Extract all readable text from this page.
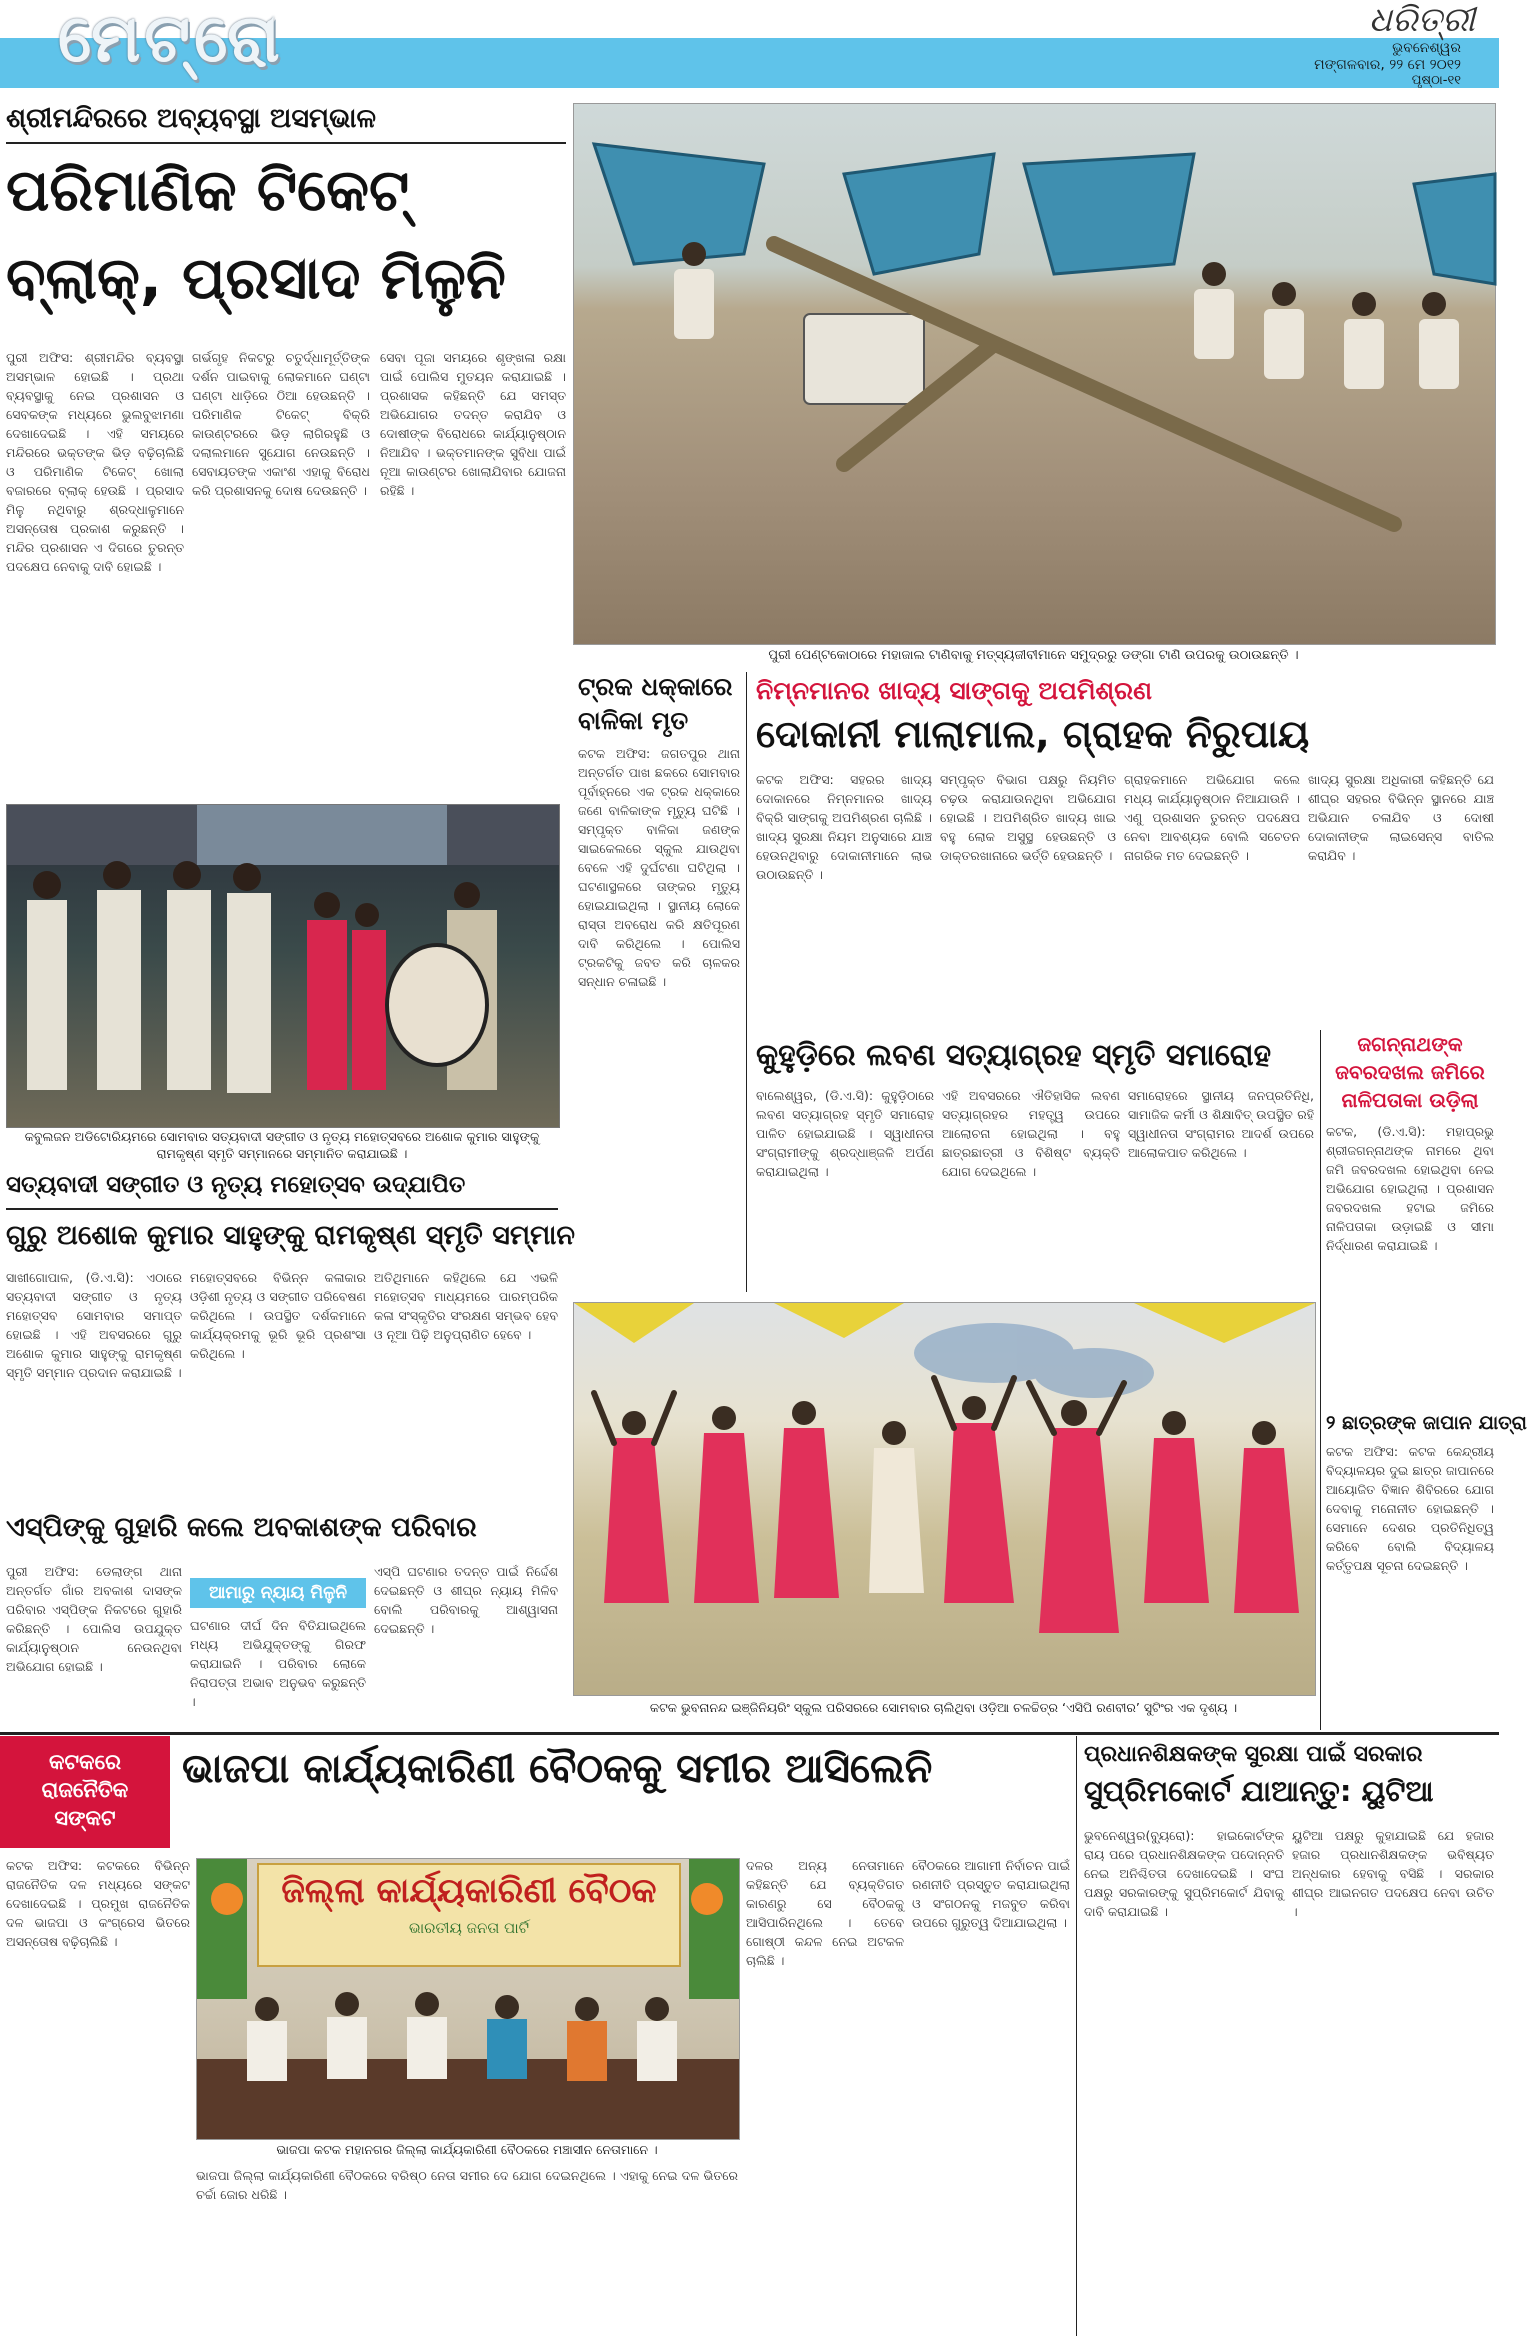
ମେଟ୍ରୋ	ଧରିତ୍ରୀ
ଭୁବନେଶ୍ୱର
ମଙ୍ଗଳବାର, ୨୨ ମେ ୨୦୧୨
ପୃଷ୍ଠା-୧୧
ଶ୍ରୀମନ୍ଦିରରେ ଅବ୍ୟବସ୍ଥା ଅସମ୍ଭାଳ
ପରିମାଣିକ ଟିକେଟ୍
ବ୍ଲାକ୍, ପ୍ରସାଦ ମିଳୁନି
ପୁରୀ ଅଫିସ: ଶ୍ରୀମନ୍ଦିର ବ୍ୟବସ୍ଥା ଅସମ୍ଭାଳ ହୋଇଛି । ପ୍ରଥା ବ୍ୟବସ୍ଥାକୁ ନେଇ ପ୍ରଶାସନ ଓ ସେବକଙ୍କ ମଧ୍ୟରେ ଭୁଲବୁଝାମଣା ଦେଖାଦେଇଛି । ଏହି ସମୟରେ ମନ୍ଦିରରେ ଭକ୍ତଙ୍କ ଭିଡ଼ ବଢ଼ିଚାଲିଛି ଓ ପରିମାଣିକ ଟିକେଟ୍ ଖୋଲା ବଜାରରେ ବ୍ଲାକ୍ ହେଉଛି । ପ୍ରସାଦ ମିଳୁ ନଥିବାରୁ ଶ୍ରଦ୍ଧାଳୁମାନେ ଅସନ୍ତୋଷ ପ୍ରକାଶ କରୁଛନ୍ତି । ମନ୍ଦିର ପ୍ରଶାସନ ଏ ଦିଗରେ ତୁରନ୍ତ ପଦକ୍ଷେପ ନେବାକୁ ଦାବି ହୋଇଛି ।
ଗର୍ଭଗୃହ ନିକଟରୁ ଚତୁର୍ଦ୍ଧାମୂର୍ତ୍ତିଙ୍କ ଦର୍ଶନ ପାଇବାକୁ ଲୋକମାନେ ଘଣ୍ଟା ଘଣ୍ଟା ଧାଡ଼ିରେ ଠିଆ ହେଉଛନ୍ତି । ପରିମାଣିକ ଟିକେଟ୍ ବିକ୍ରି କାଉଣ୍ଟରରେ ଭିଡ଼ ଲାଗିରହୁଛି ଓ ଦଲାଲମାନେ ସୁଯୋଗ ନେଉଛନ୍ତି । ସେବାୟତଙ୍କ ଏକାଂଶ ଏହାକୁ ବିରୋଧ କରି ପ୍ରଶାସନକୁ ଦୋଷ ଦେଉଛନ୍ତି ।
ସେବା ପୂଜା ସମୟରେ ଶୃଙ୍ଖଳା ରକ୍ଷା ପାଇଁ ପୋଲିସ ମୁତୟନ କରାଯାଇଛି । ପ୍ରଶାସକ କହିଛନ୍ତି ଯେ ସମସ୍ତ ଅଭିଯୋଗର ତଦନ୍ତ କରାଯିବ ଓ ଦୋଷୀଙ୍କ ବିରୋଧରେ କାର୍ଯ୍ୟାନୁଷ୍ଠାନ ନିଆଯିବ । ଭକ୍ତମାନଙ୍କ ସୁବିଧା ପାଇଁ ନୂଆ କାଉଣ୍ଟର ଖୋଲାଯିବାର ଯୋଜନା ରହିଛି ।
ପୁରୀ ପେଣ୍ଟକୋଠାରେ ମହାଜାଲ ଟାଣିବାକୁ ମତ୍ସ୍ୟଜୀବୀମାନେ ସମୁଦ୍ରରୁ ଡଙ୍ଗା ଟାଣି ଉପରକୁ ଉଠାଉଛନ୍ତି ।
କବୁଲଜନ ଅଡିଟୋରିୟମରେ ସୋମବାର ସତ୍ୟବାଦୀ ସଙ୍ଗୀତ ଓ ନୃତ୍ୟ ମହୋତ୍ସବରେ ଅଶୋକ କୁମାର ସାହୁଙ୍କୁ ରାମକୃଷ୍ଣ ସ୍ମୃତି ସମ୍ମାନରେ ସମ୍ମାନିତ କରାଯାଇଛି ।
ସତ୍ୟବାଦୀ ସଙ୍ଗୀତ ଓ ନୃତ୍ୟ ମହୋତ୍ସବ ଉଦ୍‌ଯାପିତ
ଗୁରୁ ଅଶୋକ କୁମାର ସାହୁଙ୍କୁ ରାମକୃଷ୍ଣ ସ୍ମୃତି ସମ୍ମାନ
ସାଖୀଗୋପାଳ, (ଡି.ଏ.ସି): ଏଠାରେ ସତ୍ୟବାଦୀ ସଙ୍ଗୀତ ଓ ନୃତ୍ୟ ମହୋତ୍ସବ ସୋମବାର ସମାପ୍ତ ହୋଇଛି । ଏହି ଅବସରରେ ଗୁରୁ ଅଶୋକ କୁମାର ସାହୁଙ୍କୁ ରାମକୃଷ୍ଣ ସ୍ମୃତି ସମ୍ମାନ ପ୍ରଦାନ କରାଯାଇଛି ।
ମହୋତ୍ସବରେ ବିଭିନ୍ନ କଳାକାର ଓଡ଼ିଶୀ ନୃତ୍ୟ ଓ ସଙ୍ଗୀତ ପରିବେଷଣ କରିଥିଲେ । ଉପସ୍ଥିତ ଦର୍ଶକମାନେ କାର୍ଯ୍ୟକ୍ରମକୁ ଭୂରି ଭୂରି ପ୍ରଶଂସା କରିଥିଲେ ।
ଅତିଥିମାନେ କହିଥିଲେ ଯେ ଏଭଳି ମହୋତ୍ସବ ମାଧ୍ୟମରେ ପାରମ୍ପରିକ କଳା ସଂସ୍କୃତିର ସଂରକ୍ଷଣ ସମ୍ଭବ ହେବ ଓ ନୂଆ ପିଢ଼ି ଅନୁପ୍ରାଣିତ ହେବେ ।
ଏସ୍‌ପିଙ୍କୁ ଗୁହାରି କଲେ ଅବକାଶଙ୍କ ପରିବାର
ପୁରୀ ଅଫିସ: ଡେଲାଙ୍ଗ ଥାନା ଅନ୍ତର୍ଗତ ଗାଁର ଅବକାଶ ଦାସଙ୍କ ପରିବାର ଏସ୍‌ପିଙ୍କ ନିକଟରେ ଗୁହାରି କରିଛନ୍ତି । ପୋଲିସ ଉପଯୁକ୍ତ କାର୍ଯ୍ୟାନୁଷ୍ଠାନ ନେଉନଥିବା ଅଭିଯୋଗ ହୋଇଛି ।
ଘଟଣାର ଦୀର୍ଘ ଦିନ ବିତିଯାଇଥିଲେ ମଧ୍ୟ ଅଭିଯୁକ୍ତଙ୍କୁ ଗିରଫ କରାଯାଇନି । ପରିବାର ଲୋକେ ନିରାପତ୍ତା ଅଭାବ ଅନୁଭବ କରୁଛନ୍ତି ।
ଆମାରୁ ନ୍ୟାୟ ମିଳୁନି
ଏସ୍‌ପି ଘଟଣାର ତଦନ୍ତ ପାଇଁ ନିର୍ଦ୍ଦେଶ ଦେଇଛନ୍ତି ଓ ଶୀଘ୍ର ନ୍ୟାୟ ମିଳିବ ବୋଲି ପରିବାରକୁ ଆଶ୍ୱାସନା ଦେଇଛନ୍ତି ।
ଟ୍ରକ ଧକ୍କାରେ
ବାଳିକା ମୃତ
କଟକ ଅଫିସ: ଜଗତପୁର ଥାନା ଅନ୍ତର୍ଗତ ପାଖ ଛକରେ ସୋମବାର ପୂର୍ବାହ୍ନରେ ଏକ ଟ୍ରକ ଧକ୍କାରେ ଜଣେ ବାଳିକାଙ୍କ ମୃତ୍ୟୁ ଘଟିଛି । ସମ୍ପୃକ୍ତ ବାଳିକା ଜଣଙ୍କ ସାଇକେଲରେ ସ୍କୁଲ ଯାଉଥିବା ବେଳେ ଏହି ଦୁର୍ଘଟଣା ଘଟିଥିଲା । ଘଟଣାସ୍ଥଳରେ ତାଙ୍କର ମୃତ୍ୟୁ ହୋଇଯାଇଥିଲା । ସ୍ଥାନୀୟ ଲୋକେ ରାସ୍ତା ଅବରୋଧ କରି କ୍ଷତିପୂରଣ ଦାବି କରିଥିଲେ । ପୋଲିସ ଟ୍ରକଟିକୁ ଜବତ କରି ଚାଳକର ସନ୍ଧାନ ଚଳାଇଛି ।
ନିମ୍ନମାନର ଖାଦ୍ୟ ସାଙ୍ଗକୁ ଅପମିଶ୍ରଣ
ଦୋକାନୀ ମାଲାମାଲ, ଗ୍ରାହକ ନିରୁପାୟ
କଟକ ଅଫିସ: ସହରର ଖାଦ୍ୟ ଦୋକାନରେ ନିମ୍ନମାନର ଖାଦ୍ୟ ବିକ୍ରି ସାଙ୍ଗକୁ ଅପମିଶ୍ରଣ ଚାଲିଛି । ଖାଦ୍ୟ ସୁରକ୍ଷା ନିୟମ ଅନୁସାରେ ଯାଞ୍ଚ ହେଉନଥିବାରୁ ଦୋକାନୀମାନେ ଲାଭ ଉଠାଉଛନ୍ତି ।
ସମ୍ପୃକ୍ତ ବିଭାଗ ପକ୍ଷରୁ ନିୟମିତ ଚଢ଼ଉ କରାଯାଉନଥିବା ଅଭିଯୋଗ ହୋଇଛି । ଅପମିଶ୍ରିତ ଖାଦ୍ୟ ଖାଇ ବହୁ ଲୋକ ଅସୁସ୍ଥ ହେଉଛନ୍ତି ଓ ଡାକ୍ତରଖାନାରେ ଭର୍ତ୍ତି ହେଉଛନ୍ତି ।
ଗ୍ରାହକମାନେ ଅଭିଯୋଗ କଲେ ମଧ୍ୟ କାର୍ଯ୍ୟାନୁଷ୍ଠାନ ନିଆଯାଉନି । ଏଣୁ ପ୍ରଶାସନ ତୁରନ୍ତ ପଦକ୍ଷେପ ନେବା ଆବଶ୍ୟକ ବୋଲି ସଚେତନ ନାଗରିକ ମତ ଦେଇଛନ୍ତି ।
ଖାଦ୍ୟ ସୁରକ୍ଷା ଅଧିକାରୀ କହିଛନ୍ତି ଯେ ଶୀଘ୍ର ସହରର ବିଭିନ୍ନ ସ୍ଥାନରେ ଯାଞ୍ଚ ଅଭିଯାନ ଚଳାଯିବ ଓ ଦୋଷୀ ଦୋକାନୀଙ୍କ ଲାଇସେନ୍ସ ବାତିଲ କରାଯିବ ।
କୁହୁଡ଼ିରେ ଲବଣ ସତ୍ୟାଗ୍ରହ ସ୍ମୃତି ସମାରୋହ
ବାଲେଶ୍ୱର, (ଡି.ଏ.ସି): କୁହୁଡ଼ିଠାରେ ଲବଣ ସତ୍ୟାଗ୍ରହ ସ୍ମୃତି ସମାରୋହ ପାଳିତ ହୋଇଯାଇଛି । ସ୍ୱାଧୀନତା ସଂଗ୍ରାମୀଙ୍କୁ ଶ୍ରଦ୍ଧାଞ୍ଜଳି ଅର୍ପଣ କରାଯାଇଥିଲା ।
ଏହି ଅବସରରେ ଐତିହାସିକ ଲବଣ ସତ୍ୟାଗ୍ରହର ମହତ୍ତ୍ୱ ଉପରେ ଆଲୋଚନା ହୋଇଥିଲା । ବହୁ ଛାତ୍ରଛାତ୍ରୀ ଓ ବିଶିଷ୍ଟ ବ୍ୟକ୍ତି ଯୋଗ ଦେଇଥିଲେ ।
ସମାରୋହରେ ସ୍ଥାନୀୟ ଜନପ୍ରତିନିଧି, ସାମାଜିକ କର୍ମୀ ଓ ଶିକ୍ଷାବିତ୍ ଉପସ୍ଥିତ ରହି ସ୍ୱାଧୀନତା ସଂଗ୍ରାମର ଆଦର୍ଶ ଉପରେ ଆଲୋକପାତ କରିଥିଲେ ।
ଜଗନ୍ନାଥଙ୍କ
ଜବରଦଖଲ ଜମିରେ
ନାଳିପତାକା ଉଡ଼ିଲା
କଟକ, (ଡି.ଏ.ସି): ମହାପ୍ରଭୁ ଶ୍ରୀଜଗନ୍ନାଥଙ୍କ ନାମରେ ଥିବା ଜମି ଜବରଦଖଲ ହୋଇଥିବା ନେଇ ଅଭିଯୋଗ ହୋଇଥିଲା । ପ୍ରଶାସନ ଜବରଦଖଲ ହଟାଇ ଜମିରେ ନାଳିପତାକା ଉଡ଼ାଇଛି ଓ ସୀମା ନିର୍ଦ୍ଧାରଣ କରାଯାଇଛି ।
୨ ଛାତ୍ରଙ୍କ ଜାପାନ ଯାତ୍ରା
କଟକ ଅଫିସ: କଟକ କେନ୍ଦ୍ରୀୟ ବିଦ୍ୟାଳୟର ଦୁଇ ଛାତ୍ର ଜାପାନରେ ଆୟୋଜିତ ବିଜ୍ଞାନ ଶିବିରରେ ଯୋଗ ଦେବାକୁ ମନୋନୀତ ହୋଇଛନ୍ତି । ସେମାନେ ଦେଶର ପ୍ରତିନିଧିତ୍ୱ କରିବେ ବୋଲି ବିଦ୍ୟାଳୟ କର୍ତ୍ତୃପକ୍ଷ ସୂଚନା ଦେଇଛନ୍ତି ।
କଟକ ଭୁବନାନନ୍ଦ ଇଞ୍ଜିନିୟରିଂ ସ୍କୁଲ ପରିସରରେ ସୋମବାର ଚାଲିଥିବା ଓଡ଼ିଆ ଚଳଚ୍ଚିତ୍ର ‘ଏସିପି ରଣବୀର’ ସୁଟିଂର ଏକ ଦୃଶ୍ୟ ।
କଟକରେ
ରାଜନୈତିକ
ସଙ୍କଟ
ଭାଜପା କାର୍ଯ୍ୟକାରିଣୀ ବୈଠକକୁ ସମୀର ଆସିଲେନି
ଜିଲ୍ଲା କାର୍ଯ୍ୟକାରିଣୀ ବୈଠକ
ଭାରତୀୟ ଜନତା ପାର୍ଟି
ଭାଜପା କଟକ ମହାନଗର ଜିଲ୍ଲା କାର୍ଯ୍ୟକାରିଣୀ ବୈଠକରେ ମଞ୍ଚାସୀନ ନେତାମାନେ ।
କଟକ ଅଫିସ: କଟକରେ ବିଭିନ୍ନ ରାଜନୈତିକ ଦଳ ମଧ୍ୟରେ ସଙ୍କଟ ଦେଖାଦେଇଛି । ପ୍ରମୁଖ ରାଜନୈତିକ ଦଳ ଭାଜପା ଓ କଂଗ୍ରେସ ଭିତରେ ଅସନ୍ତୋଷ ବଢ଼ିଚାଲିଛି ।
ଭାଜପା ଜିଲ୍ଲା କାର୍ଯ୍ୟକାରିଣୀ ବୈଠକରେ ବରିଷ୍ଠ ନେତା ସମୀର ଦେ ଯୋଗ ଦେଇନଥିଲେ । ଏହାକୁ ନେଇ ଦଳ ଭିତରେ ଚର୍ଚ୍ଚା ଜୋର ଧରିଛି ।
ଦଳର ଅନ୍ୟ ନେତାମାନେ କହିଛନ୍ତି ଯେ ବ୍ୟକ୍ତିଗତ କାରଣରୁ ସେ ବୈଠକକୁ ଆସିପାରିନଥିଲେ । ତେବେ ଗୋଷ୍ଠୀ କନ୍ଦଳ ନେଇ ଅଟକଳ ଚାଲିଛି ।
ବୈଠକରେ ଆଗାମୀ ନିର୍ବାଚନ ପାଇଁ ରଣନୀତି ପ୍ରସ୍ତୁତ କରାଯାଇଥିଲା ଓ ସଂଗଠନକୁ ମଜବୁତ କରିବା ଉପରେ ଗୁରୁତ୍ୱ ଦିଆଯାଇଥିଲା ।
ପ୍ରଧାନଶିକ୍ଷକଙ୍କ ସୁରକ୍ଷା ପାଇଁ ସରକାର
ସୁପ୍ରିମକୋର୍ଟ ଯାଆନ୍ତୁ: ୟୁଟିଆ
ଭୁବନେଶ୍ୱର(ବ୍ୟୁରୋ): ହାଇକୋର୍ଟଙ୍କ ରାୟ ପରେ ପ୍ରଧାନଶିକ୍ଷକଙ୍କ ପଦୋନ୍ନତି ନେଇ ଅନିଶ୍ଚିତତା ଦେଖାଦେଇଛି । ସଂଘ ପକ୍ଷରୁ ସରକାରଙ୍କୁ ସୁପ୍ରିମକୋର୍ଟ ଯିବାକୁ ଦାବି କରାଯାଇଛି ।
ୟୁଟିଆ ପକ୍ଷରୁ କୁହାଯାଇଛି ଯେ ହଜାର ହଜାର ପ୍ରଧାନଶିକ୍ଷକଙ୍କ ଭବିଷ୍ୟତ ଅନ୍ଧକାର ହେବାକୁ ବସିଛି । ସରକାର ଶୀଘ୍ର ଆଇନଗତ ପଦକ୍ଷେପ ନେବା ଉଚିତ ।
